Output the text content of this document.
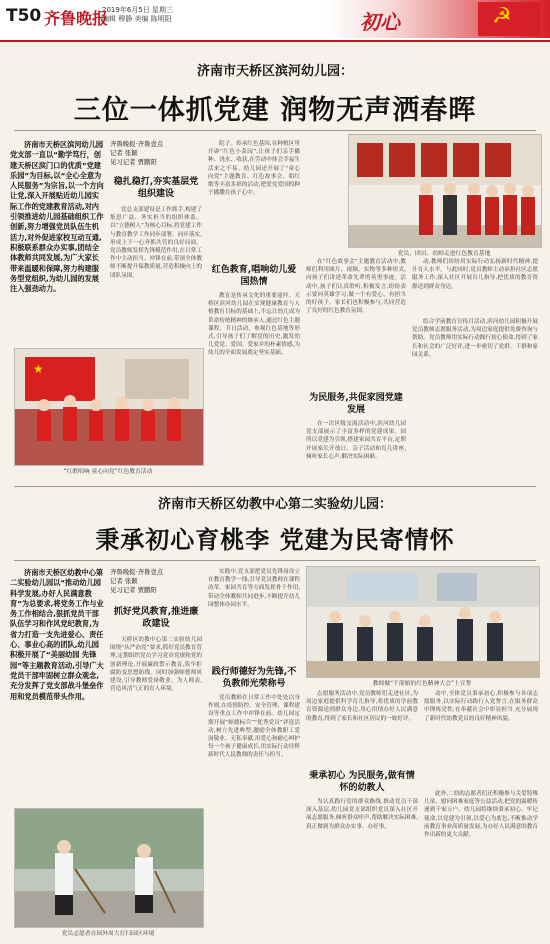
T50 齐鲁晚报
2019年6月5日 星期三
编辑 穆静 美编 陈明阳	初心	☭
济南市天桥区滨河幼儿园：
三位一体抓党建 润物无声洒春晖
济南市天桥区滨河幼儿园党支部一直以“勤学笃行，创建天桥区滨门口的优质”党建乐园”为目标,以“全心全意为人民服务”为宗旨,以一个方向让党,深入开展贴近幼儿园实际工作的党建教育活动,对内引领推进幼儿园基础组织工作创新,努力增强党员队伍生机活力,对外促进家校互动互通,积极联系群众办实事,团结全体教师共同发展,为广大家长带来温暖和保障,努力构建服务型党组织,为幼儿园的发展注入强劲动力。
齐鲁晚报·齐鲁壹点
记者 张颖
见习记者 贾鹏阳
稳扎稳打,夯实基层党组织建设
党总支部建设是工作抓手,构建了集思广益、务实担当的组织体系。以“立德树人”为核心目标,将党建工作与教育教学工作同步部署、同步落实,形成上下一心齐抓共管的良好局面。党员教师发挥先锋模范作用,在日常工作中主动担当、冲锋在前,带领全体教师不断提升保教质量,营造积极向上的团队氛围。
院子。传承红色基因,在种植区里开辟“红色小菜园”,让孩子们亲手播种、浇水、收获,在劳动中体会幸福生活来之不易。幼儿园还开展了“童心向党”主题教育、红色故事会、唱红歌等丰富多彩的活动,把爱党爱国的种子播撒在孩子心中。
红色教育,唱响幼儿爱国热情
教育是传承文化的重要途径。天桥区滨河幼儿园在实现健康教育与人格教育目标的基础上,不忘让幼儿成为革命传统精神的继承人,通过红色主题课程、节日活动、参观红色基地等形式,引导孩子们了解党的历史,激发幼儿爱党、爱国、爱家乡的朴素情感,为幼儿的全面发展奠定坚实基础。
★
“红歌唱响 童心向党”红色教育活动
党员、团员、幼师走进红色教育基地
在“红色故事会”主题教育活动中,教师们利用图片、视频、实物等多种形式,向孩子们讲述革命先辈的英勇事迹。活动中,孩子们认真聆听,积极发言,纷纷表示要向英雄学习,做一个有爱心、有担当的好孩子。家长们也积极参与,共同营造了良好的红色教育氛围。
为民服务,共促家园党建发展
在一次区级交流活动中,滨河幼儿园党支部展示了丰富多样的党建成果。园所以党建为引领,搭建家园共育平台,定期开展家长开放日、亲子活动和育儿讲座,倾听家长心声,解决实际困难。
动,教师们纷纷用实际行动弘扬新时代精神,提升育人水平。与此同时,党员教师主动承担社区志愿服务工作,深入社区开展育儿指导,把优质的教育资源送到群众身边。
结合学前教育宣传月活动,滨河幼儿园积极开展党员教师志愿服务活动,为周边家庭提供免费咨询与帮助。党员教师用实际行动践行初心使命,得到了家长和社会的广泛好评,进一步密切了党群、干群和家园关系。
济南市天桥区幼教中心第二实验幼儿园：
秉承初心育桃李 党建为民寄情怀
济南市天桥区幼教中心第二实验幼儿园以“推动幼儿园科学发展,办好人民满意教育”为总要求,将党务工作与业务工作相结合,狠抓党员干部队伍学习和作风党纪教育,为省力打造一支先进爱心、责任心、事业心高的团队,幼儿园积极开展了“美丽幼园 先锋园”等主题教育活动,引导广大党员干部牢固树立群众观念,充分发挥了党支部战斗堡垒作用和党员模范带头作用。
齐鲁晚报·齐鲁壹点
记者 张颖
见习记者 贾鹏阳
抓好党风教育,推进廉政建设
天桥区幼教中心第二实验幼儿园围绕“从严治党”要求,抓好党员教育管理,定期组织党员学习党章党规和党的创新理论,开展廉政警示教育,筑牢拒腐防变思想防线。同时加强师德师风建设,引导教师爱岗敬业、为人师表,营造风清气正的育人环境。
实践中,党支部把党员先锋岗设立在教育教学一线,引导党员教师在课程改革、家园共育等方面发挥骨干作用,带动全体教师共同进步,不断提升幼儿园整体办园水平。
践行师德好为先锋,不负教师光荣称号
党员教师在日常工作中处处以身作则,在疫情防控、安全管理、课程建设等重点工作中冲锋在前。幼儿园定期开展“师德标兵”“优秀党员”评选活动,树立先进典型,激励全体教职工爱岗敬业、无私奉献,用爱心和耐心呵护每一个孩子健康成长,用实际行动诠释新时代人民教师的责任与担当。
教师做“千部娘的红色精神大会”上宣誓
志愿服务活动中,党员教师们走进社区,为周边家庭提供科学育儿指导,将优质的学前教育资源送到群众身边,用心用情办好人民满意的教育,得到了家长和社区居民的一致好评。
秉承初心 为民服务,做有情怀的幼教人
为认真践行党的群众路线,推动党员干部深入基层,幼儿园党支部组织党员深入社区开展志愿服务,倾听群众呼声,帮助解决实际困难,真正做到为群众办实事、办好事。
动中,全体党员秉承初心,积极参与各项志愿服务,以实际行动践行入党誓言,在服务群众中锤炼党性,在奉献社会中彰显担当,充分展现了新时代幼教党员的良好精神风貌。
此外,二幼的志愿者们还积极参与关爱特殊儿童、慰问困难家庭等公益活动,把党的温暖传递到千家万户。幼儿园将继续秉承初心、牢记使命,以党建为引领,以爱心为底色,不断推动学前教育事业高质量发展,为办好人民满意的教育作出新的更大贡献。
党员志愿者在园外周大打扫园区环境
